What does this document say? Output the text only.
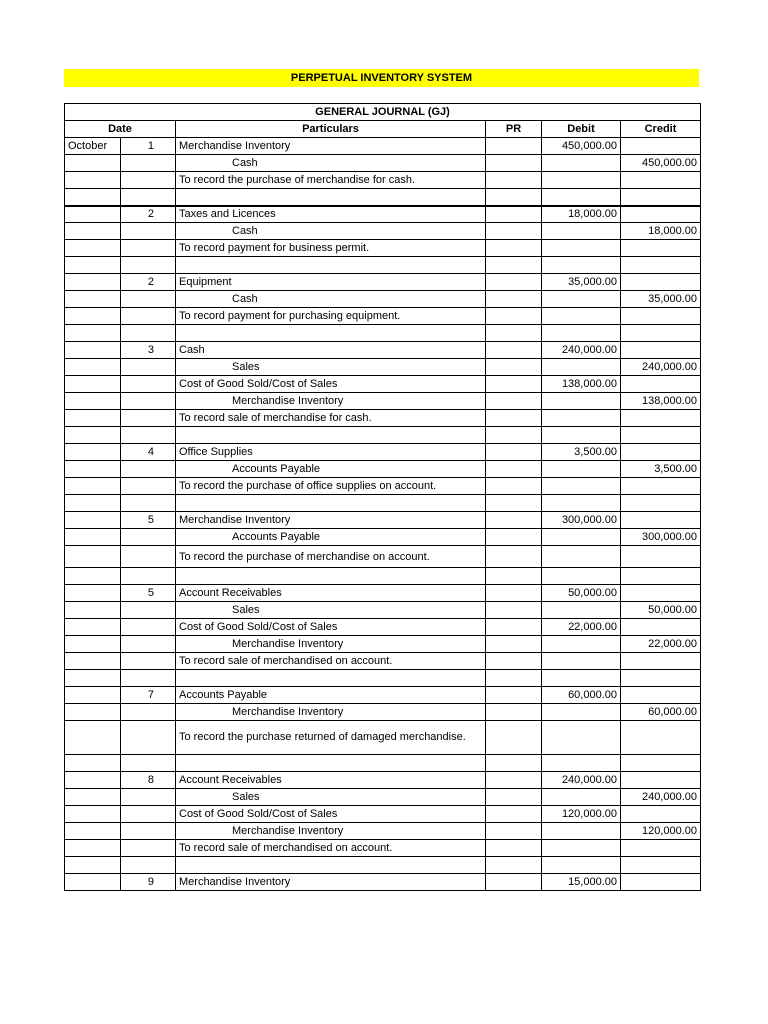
PERPETUAL INVENTORY SYSTEM
GENERAL JOURNAL (GJ)					
Date		Particulars	PR	Debit	Credit
October	1	Merchandise Inventory		450,000.00	
		Cash			450,000.00
		To record the purchase of merchandise for cash.			

	2	Taxes and Licences		18,000.00	
		Cash			18,000.00
		To record payment for business permit.			

	2	Equipment		35,000.00	
		Cash			35,000.00
		To record payment for purchasing equipment.			

	3	Cash		240,000.00	
		Sales			240,000.00
		Cost of Good Sold/Cost of Sales		138,000.00	
		Merchandise Inventory			138,000.00
		To record sale of merchandise for cash.			

	4	Office Supplies		3,500.00	
		Accounts Payable			3,500.00
		To record the purchase of office supplies on account.			

	5	Merchandise Inventory		300,000.00	
		Accounts Payable			300,000.00
		To record the purchase of merchandise on account.			

	5	Account Receivables		50,000.00	
		Sales			50,000.00
		Cost of Good Sold/Cost of Sales		22,000.00	
		Merchandise Inventory			22,000.00
		To record sale of merchandised on account.			

	7	Accounts Payable		60,000.00	
		Merchandise Inventory			60,000.00
		To record the purchase returned of damaged merchandise.			

	8	Account Receivables		240,000.00	
		Sales			240,000.00
		Cost of Good Sold/Cost of Sales		120,000.00	
		Merchandise Inventory			120,000.00
		To record sale of merchandised on account.			

	9	Merchandise Inventory		15,000.00	
